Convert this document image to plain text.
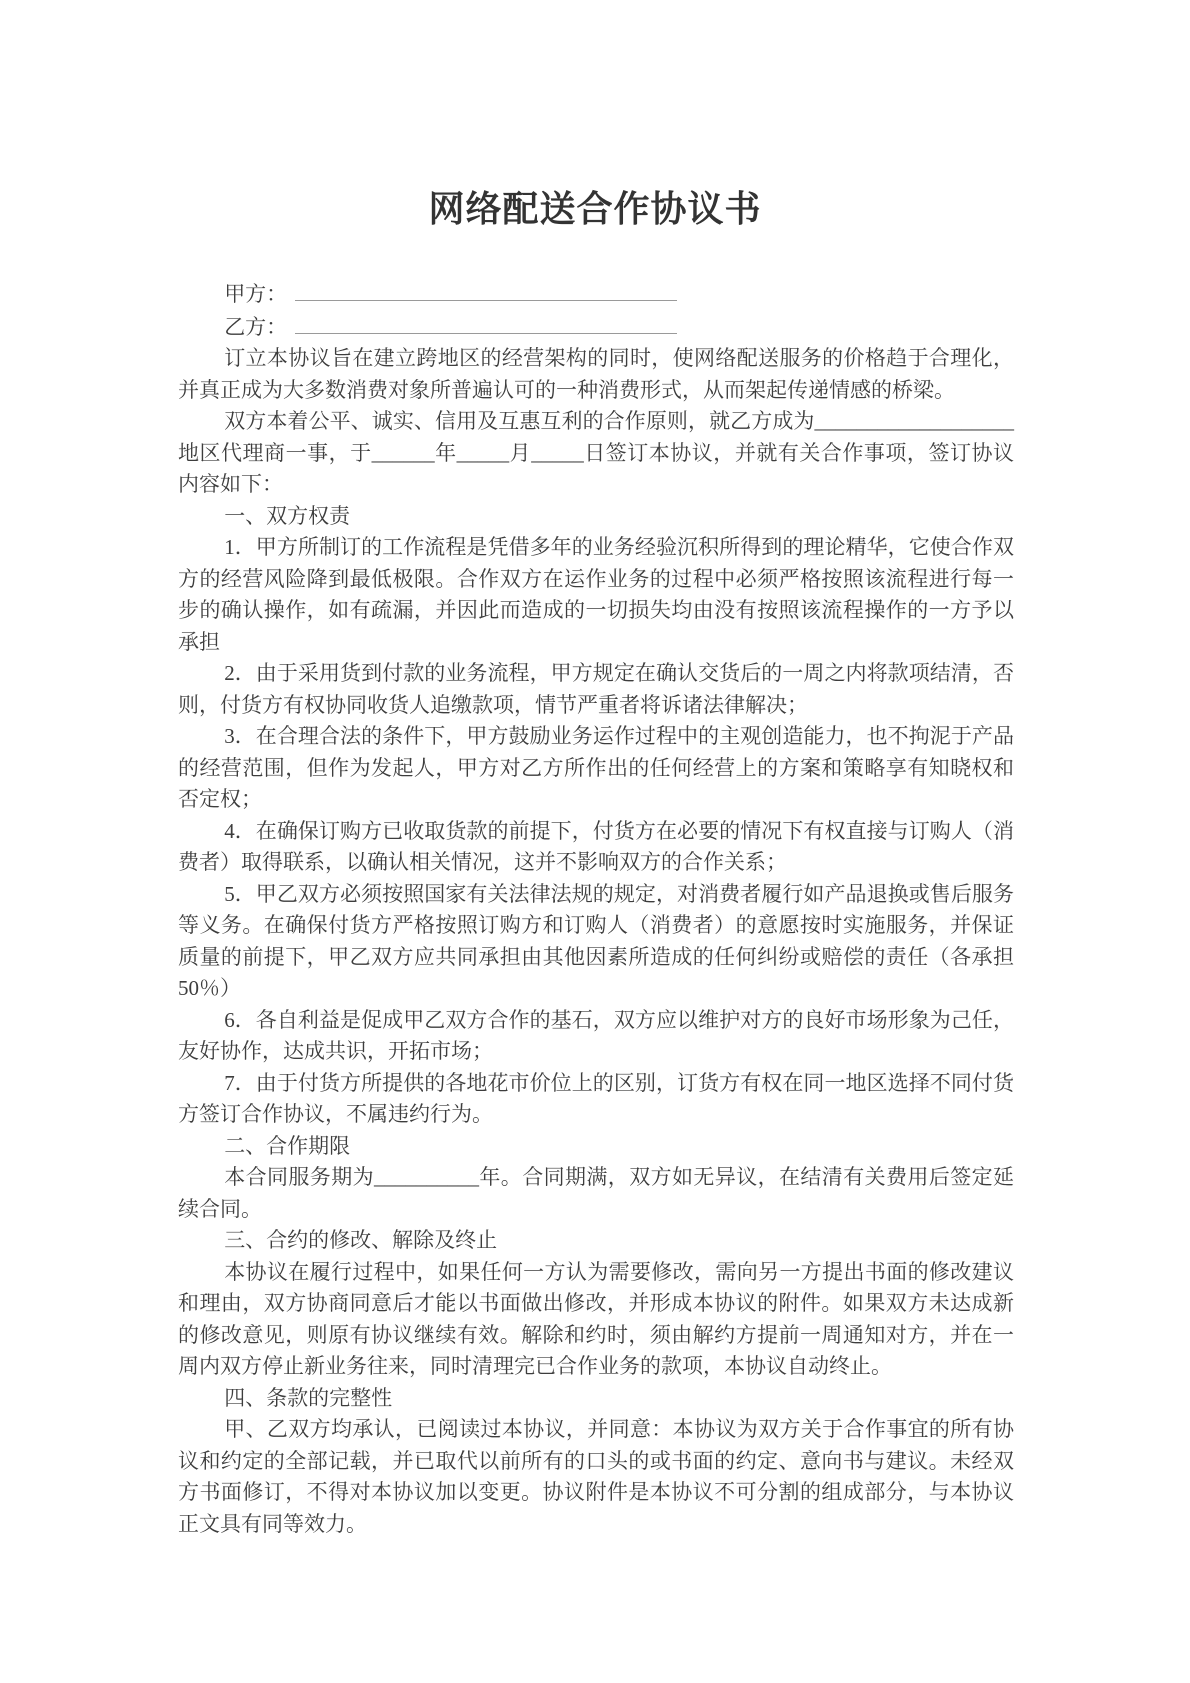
网络配送合作协议书
甲方：
乙方：

订立本协议旨在建立跨地区的经营架构的同时，使网络配送服务的价格趋于合理化，并真正成为大多数消费对象所普遍认可的一种消费形式，从而架起传递情感的桥梁。

双方本着公平、诚实、信用及互惠互利的合作原则，就乙方成为___________________地区代理商一事，于______年_____月_____日签订本协议，并就有关合作事项，签订协议内容如下：

一、双方权责

1．甲方所制订的工作流程是凭借多年的业务经验沉积所得到的理论精华，它使合作双方的经营风险降到最低极限。合作双方在运作业务的过程中必须严格按照该流程进行每一步的确认操作，如有疏漏，并因此而造成的一切损失均由没有按照该流程操作的一方予以承担

2．由于采用货到付款的业务流程，甲方规定在确认交货后的一周之内将款项结清，否则，付货方有权协同收货人追缴款项，情节严重者将诉诸法律解决；

3．在合理合法的条件下，甲方鼓励业务运作过程中的主观创造能力，也不拘泥于产品的经营范围，但作为发起人，甲方对乙方所作出的任何经营上的方案和策略享有知晓权和否定权；

4．在确保订购方已收取货款的前提下，付货方在必要的情况下有权直接与订购人（消费者）取得联系，以确认相关情况，这并不影响双方的合作关系；

5．甲乙双方必须按照国家有关法律法规的规定，对消费者履行如产品退换或售后服务等义务。在确保付货方严格按照订购方和订购人（消费者）的意愿按时实施服务，并保证质量的前提下，甲乙双方应共同承担由其他因素所造成的任何纠纷或赔偿的责任（各承担50％）

6．各自利益是促成甲乙双方合作的基石，双方应以维护对方的良好市场形象为己任，友好协作，达成共识，开拓市场；

7．由于付货方所提供的各地花市价位上的区别，订货方有权在同一地区选择不同付货方签订合作协议，不属违约行为。

二、合作期限

本合同服务期为__________年。合同期满，双方如无异议，在结清有关费用后签定延续合同。

三、合约的修改、解除及终止

本协议在履行过程中，如果任何一方认为需要修改，需向另一方提出书面的修改建议和理由，双方协商同意后才能以书面做出修改，并形成本协议的附件。如果双方未达成新的修改意见，则原有协议继续有效。解除和约时，须由解约方提前一周通知对方，并在一周内双方停止新业务往来，同时清理完已合作业务的款项，本协议自动终止。

四、条款的完整性

甲、乙双方均承认，已阅读过本协议，并同意：本协议为双方关于合作事宜的所有协议和约定的全部记载，并已取代以前所有的口头的或书面的约定、意向书与建议。未经双方书面修订，不得对本协议加以变更。协议附件是本协议不可分割的组成部分，与本协议正文具有同等效力。
